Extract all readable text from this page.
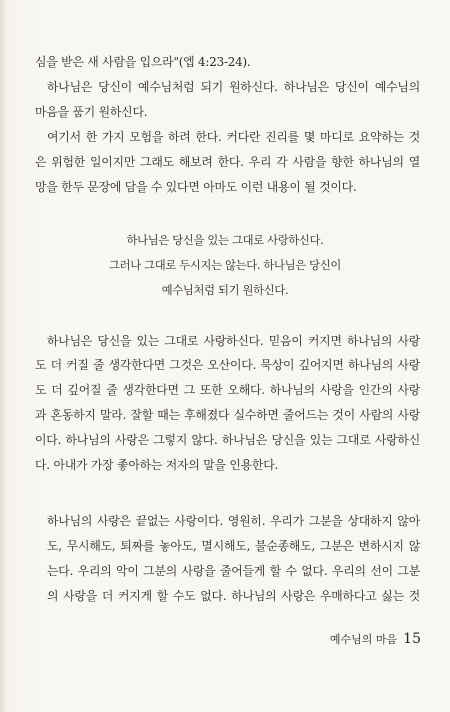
심을 받은 새 사람을 입으라"(엡 4:23-24).
하나님은 당신이 예수님처럼 되기 원하신다. 하나님은 당신이 예수님의
마음을 품기 원하신다.
여기서 한 가지 모험을 하려 한다. 커다란 진리를 몇 마디로 요약하는 것
은 위험한 일이지만 그래도 해보려 한다. 우리 각 사람을 향한 하나님의 열
망을 한두 문장에 담을 수 있다면 아마도 이런 내용이 될 것이다.
하나님은 당신을 있는 그대로 사랑하신다.
그러나 그대로 두시지는 않는다. 하나님은 당신이
예수님처럼 되기 원하신다.
하나님은 당신을 있는 그대로 사랑하신다. 믿음이 커지면 하나님의 사랑
도 더 커질 줄 생각한다면 그것은 오산이다. 묵상이 깊어지면 하나님의 사랑
도 더 깊어질 줄 생각한다면 그 또한 오해다. 하나님의 사랑을 인간의 사랑
과 혼동하지 말라. 잘할 때는 후해졌다 실수하면 줄어드는 것이 사람의 사랑
이다. 하나님의 사랑은 그렇지 않다. 하나님은 당신을 있는 그대로 사랑하신
다. 아내가 가장 좋아하는 저자의 말을 인용한다.
하나님의 사랑은 끝없는 사랑이다. 영원히. 우리가 그분을 상대하지 않아
도, 무시해도, 퇴짜를 놓아도, 멸시해도, 불순종해도, 그분은 변하시지 않
는다. 우리의 악이 그분의 사랑을 줄어들게 할 수 없다. 우리의 선이 그분
의 사랑을 더 커지게 할 수도 없다. 하나님의 사랑은 우매하다고 싫는 것
예수님의 마음 15
